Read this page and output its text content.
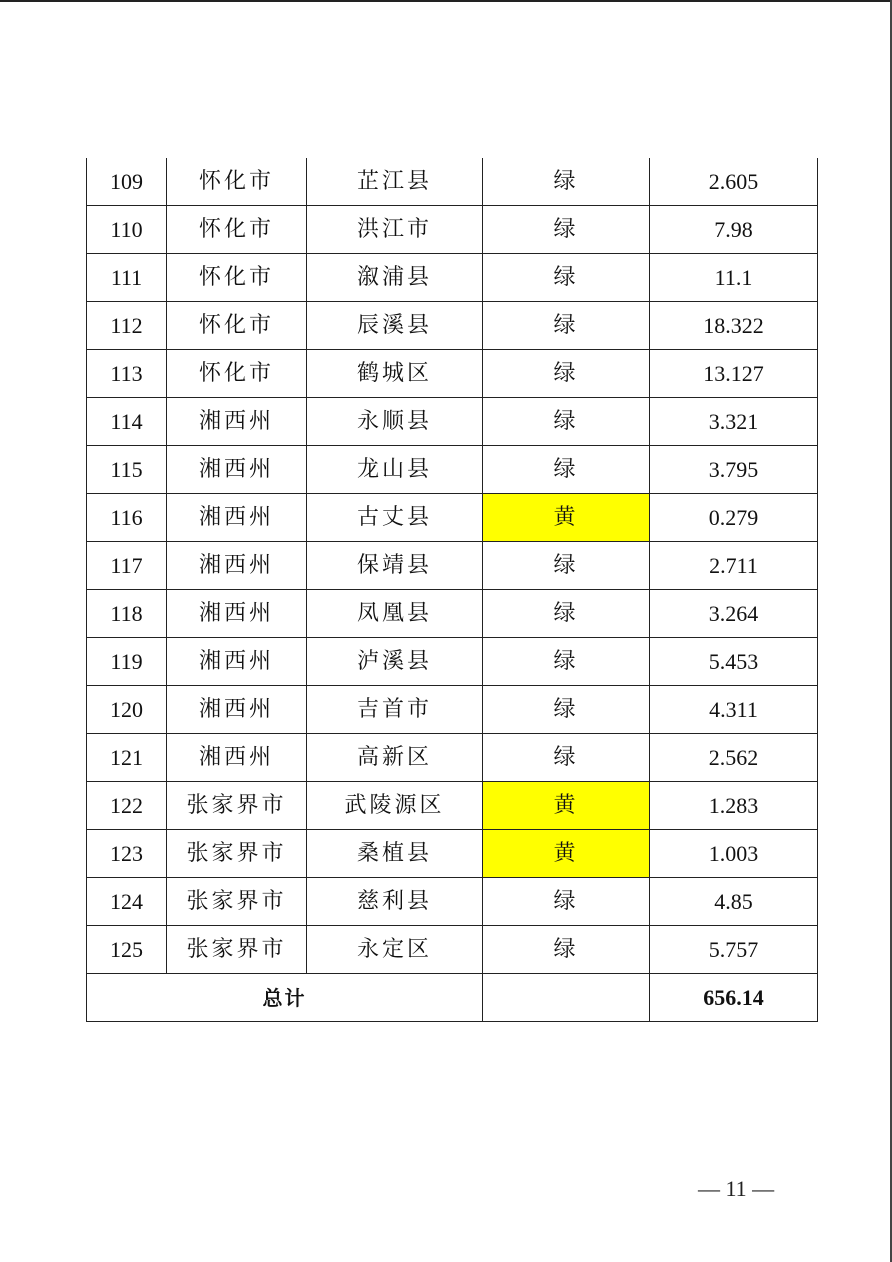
109	怀化市	芷江县	绿	2.605
110	怀化市	洪江市	绿	7.98
111	怀化市	溆浦县	绿	11.1
112	怀化市	辰溪县	绿	18.322
113	怀化市	鹤城区	绿	13.127
114	湘西州	永顺县	绿	3.321
115	湘西州	龙山县	绿	3.795
116	湘西州	古丈县	黄	0.279
117	湘西州	保靖县	绿	2.711
118	湘西州	凤凰县	绿	3.264
119	湘西州	泸溪县	绿	5.453
120	湘西州	吉首市	绿	4.311
121	湘西州	高新区	绿	2.562
122	张家界市	武陵源区	黄	1.283
123	张家界市	桑植县	黄	1.003
124	张家界市	慈利县	绿	4.85
125	张家界市	永定区	绿	5.757
总计				656.14
— 11 —
